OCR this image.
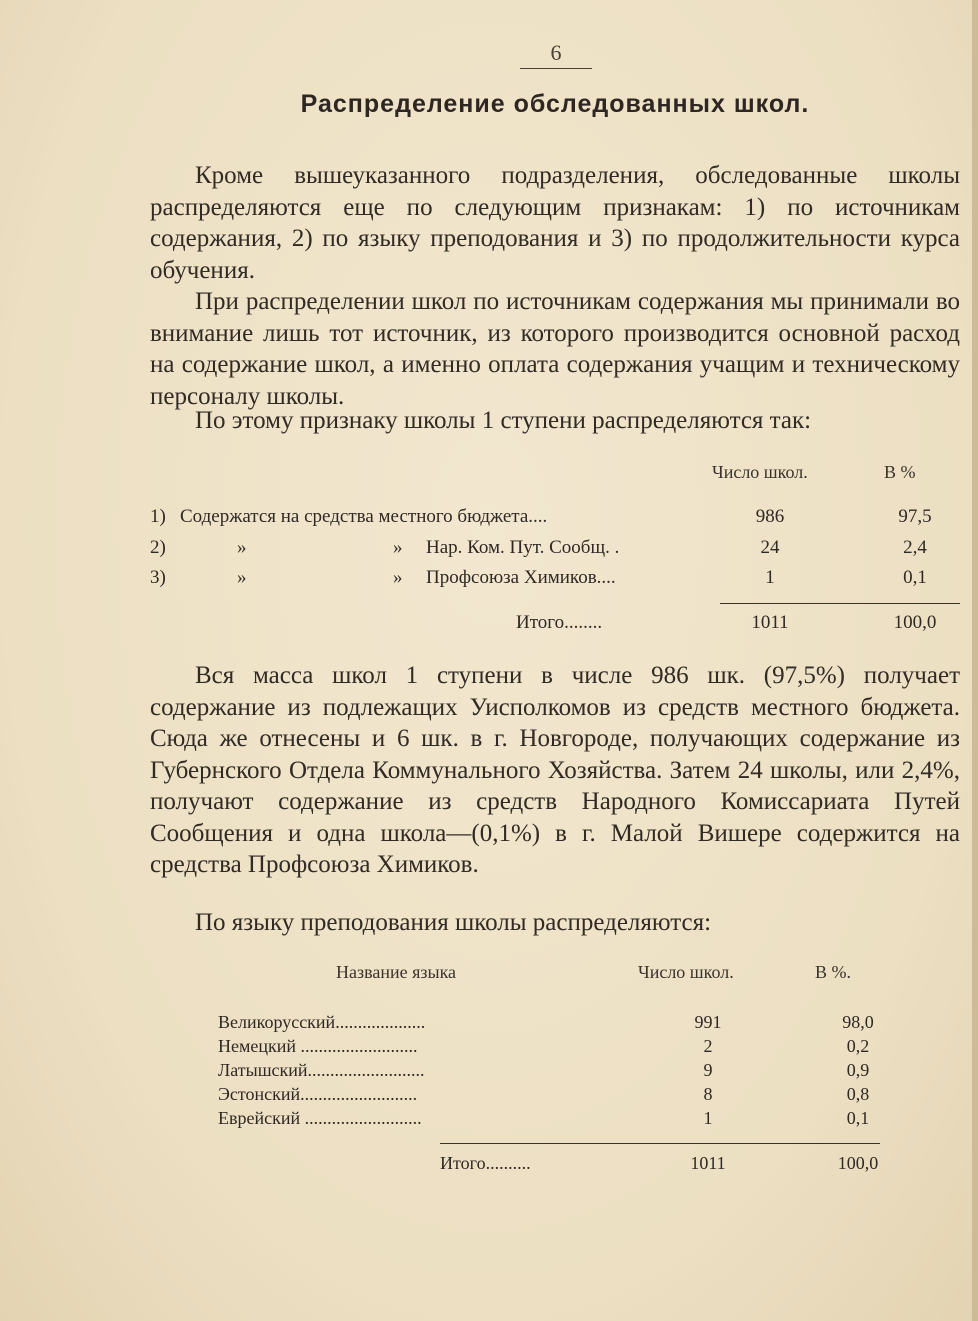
6
Распределение обследованных школ.

Кроме вышеуказанного подразделения, обследованные школы распределяются еще по следующим признакам: 1) по источникам содержания, 2) по языку преподования и 3) по продолжительности курса обучения.

При распределении школ по источникам содержания мы принимали во внимание лишь тот источник, из которого производится основной расход на содержание школ, а именно оплата содержания учащим и техническому персоналу школы.

По этому признаку школы 1 ступени распределяются так:

Число школ.	В %
1) Содержатся на средства местного бюджета....	986	97,5
2)	»	» Нар. Ком. Пут. Сообщ. .	24	2,4
3)	»	» Профсоюза Химиков....	1	0,1
Итого........	1011	100,0

Вся масса школ 1 ступени в числе 986 шк. (97,5%) получает содержание из подлежащих Уисполкомов из средств местного бюджета. Сюда же отнесены и 6 шк. в г. Новгороде, получающих содержание из Губернского Отдела Коммунального Хозяйства. Затем 24 школы, или 2,4%, получают содержание из средств Народного Комиссариата Путей Сообщения и одна школа—(0,1%) в г. Малой Вишере содержится на средства Профсоюза Химиков.

По языку преподования школы распределяются:

Название языка	Число школ.	В %.
Великорусский....................	991	98,0
Немецкий ..........................	2	0,2
Латышский..........................	9	0,9
Эстонский..........................	8	0,8
Еврейский ..........................	1	0,1
Итого..........	1011	100,0
